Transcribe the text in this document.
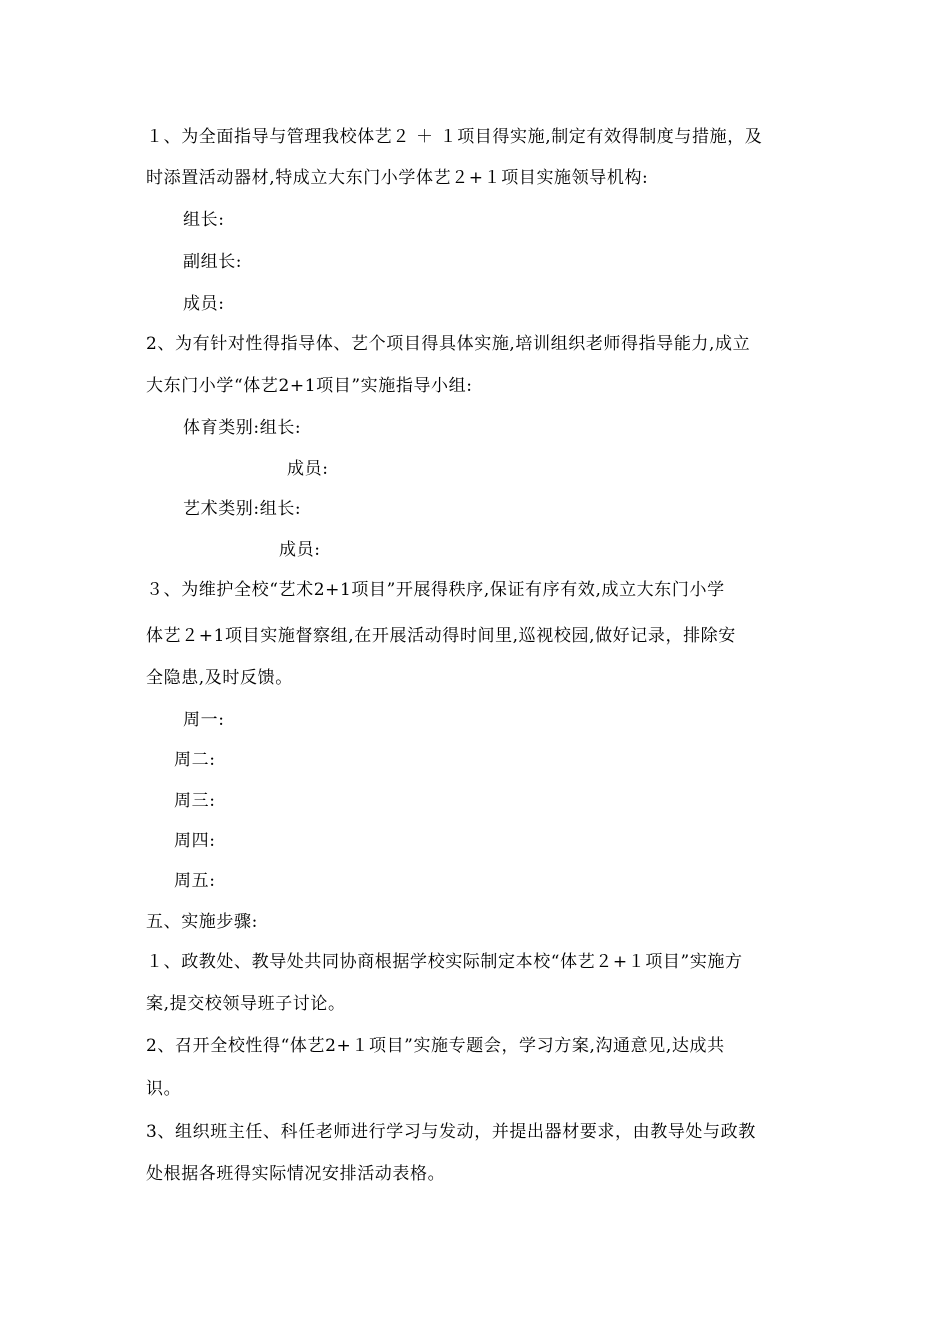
１、为全面指导与管理我校体艺２ ＋ １项目得实施,制定有效得制度与措施，及
时添置活动器材,特成立大东门小学体艺２+１项目实施领导机构:
组长:
副组长:
成员:
2、为有针对性得指导体、艺个项目得具体实施,培训组织老师得指导能力,成立
大东门小学“体艺2+1项目”实施指导小组:
体育类别:组长:
成员:
艺术类别:组长:
成员:
３、为维护全校“艺术2+1项目”开展得秩序,保证有序有效,成立大东门小学
体艺２+1项目实施督察组,在开展活动得时间里,巡视校园,做好记录，排除安
全隐患,及时反馈。
周一:
周二:
周三:
周四:
周五:
五、实施步骤:
１、政教处、教导处共同协商根据学校实际制定本校“体艺２+１项目”实施方
案,提交校领导班子讨论。
2、召开全校性得“体艺2+１项目”实施专题会，学习方案,沟通意见,达成共
识。
3、组织班主任、科任老师进行学习与发动，并提出器材要求，由教导处与政教
处根据各班得实际情况安排活动表格。
